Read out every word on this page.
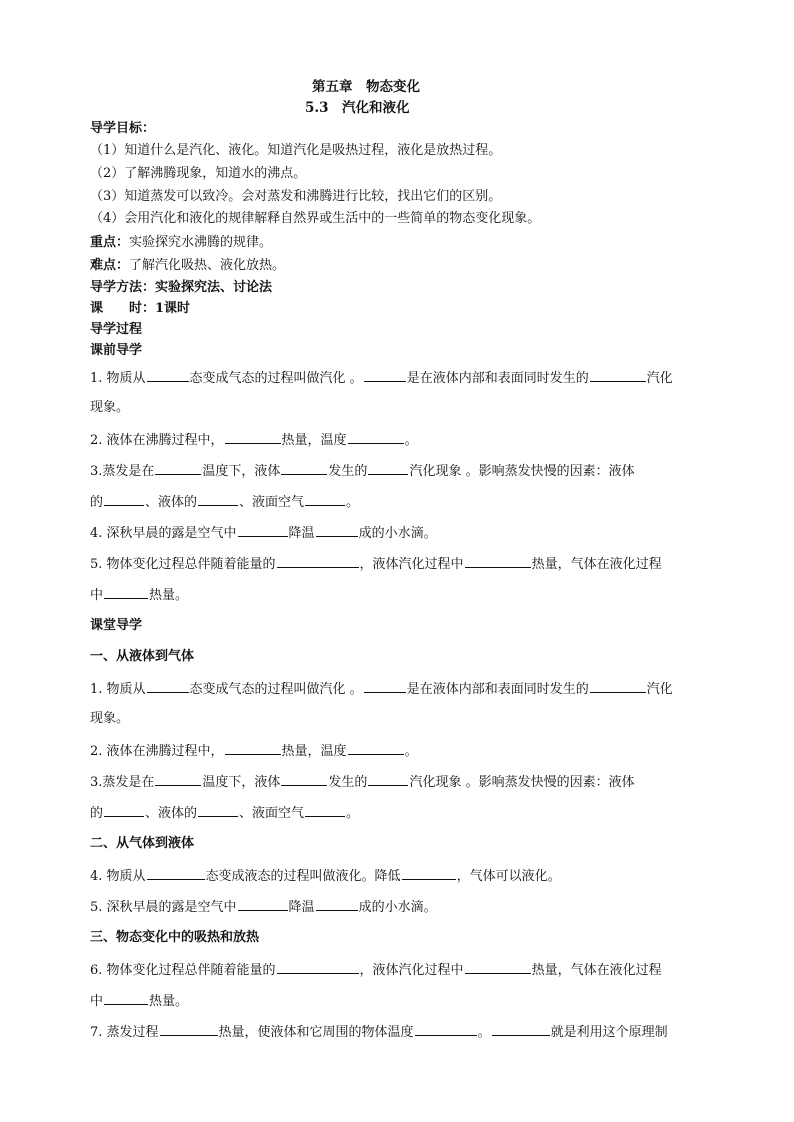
第五章　物态变化
5.3　汽化和液化
导学目标：
（1）知道什么是汽化、液化。知道汽化是吸热过程，液化是放热过程。
（2）了解沸腾现象，知道水的沸点。
（3）知道蒸发可以致冷。会对蒸发和沸腾进行比较，找出它们的区别。
（4）会用汽化和液化的规律解释自然界或生活中的一些简单的物态变化现象。
重点：实验探究水沸腾的规律。
难点：了解汽化吸热、液化放热。
导学方法：实验探究法、讨论法
课　　时：1课时
导学过程
课前导学
1. 物质从	态变成气态的过程叫做汽化 。	是在液体内部和表面同时发生的	汽化
现象。
2. 液体在沸腾过程中，	热量，温度	。
3.蒸发是在	温度下，液体	发生的	汽化现象 。影响蒸发快慢的因素：液体
的	、液体的	、液面空气	。
4. 深秋早晨的露是空气中	降温	成的小水滴。
5. 物体变化过程总伴随着能量的	，液体汽化过程中	热量，气体在液化过程
中	热量。
课堂导学
一、从液体到气体
1. 物质从	态变成气态的过程叫做汽化 。	是在液体内部和表面同时发生的	汽化
现象。
2. 液体在沸腾过程中，	热量，温度	。
3.蒸发是在	温度下，液体	发生的	汽化现象 。影响蒸发快慢的因素：液体
的	、液体的	、液面空气	。
二、从气体到液体
4. 物质从	态变成液态的过程叫做液化。降低	，气体可以液化。
5. 深秋早晨的露是空气中	降温	成的小水滴。
三、物态变化中的吸热和放热
6. 物体变化过程总伴随着能量的	，液体汽化过程中	热量，气体在液化过程
中	热量。
7. 蒸发过程	热量，使液体和它周围的物体温度	。	就是利用这个原理制
